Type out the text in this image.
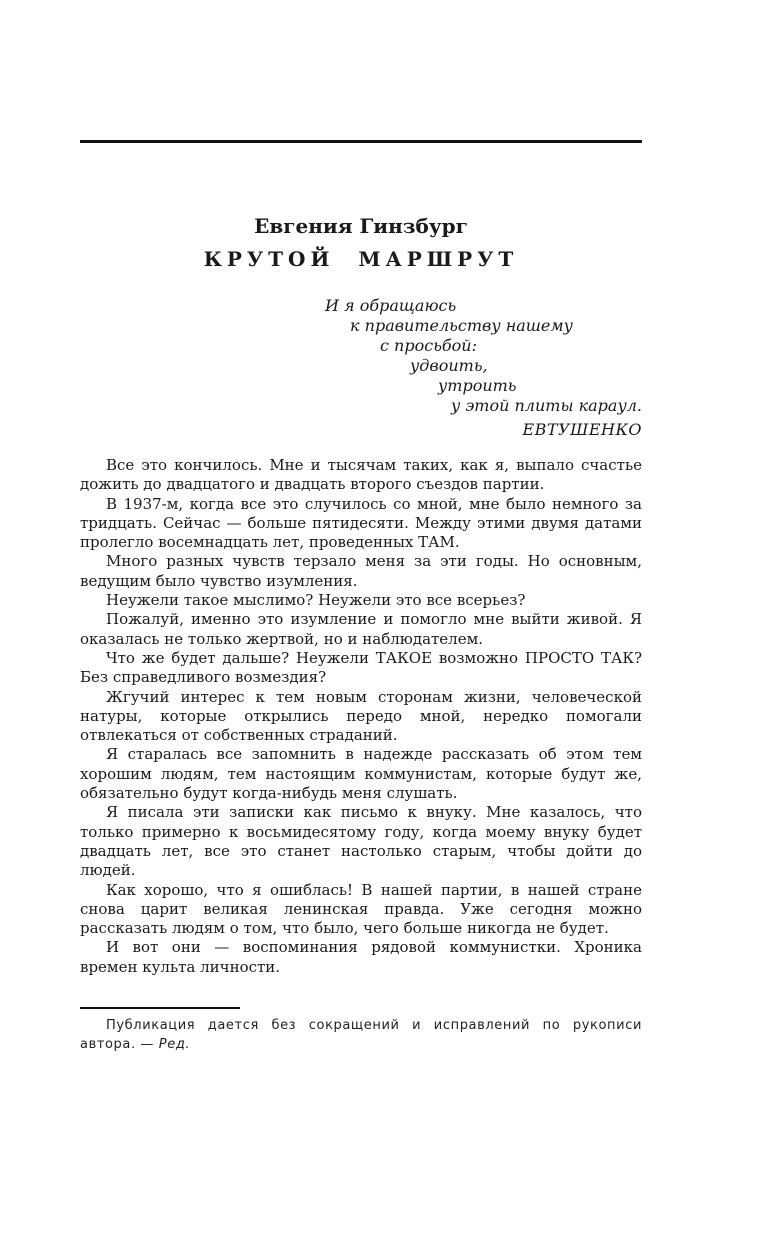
Евгения Гинзбург
КРУТОЙ МАРШРУТ
И я обращаюсь
к правительству нашему
с просьбой:
удвоить,
утроить
у этой плиты караул.
ЕВТУШЕНКО

Все это кончилось. Мне и тысячам таких, как я, выпало счастье дожить до двадцатого и двадцать второго съездов партии.

В 1937-м, когда все это случилось со мной, мне было немного за тридцать. Сейчас — больше пятидесяти. Между этими двумя датами пролегло восемнадцать лет, проведенных ТАМ.

Много разных чувств терзало меня за эти годы. Но основным, ведущим было чувство изумления.

Неужели такое мыслимо? Неужели это все всерьез?

Пожалуй, именно это изумление и помогло мне выйти живой. Я оказалась не только жертвой, но и наблюдателем.

Что же будет дальше? Неужели ТАКОЕ возможно ПРОСТО ТАК? Без справедливого возмездия?

Жгучий интерес к тем новым сторонам жизни, человеческой натуры, которые открылись передо мной, нередко помогали отвлекаться от собственных страданий.

Я старалась все запомнить в надежде рассказать об этом тем хорошим людям, тем настоящим коммунистам, которые будут же, обязательно будут когда-нибудь меня слушать.

Я писала эти записки как письмо к внуку. Мне казалось, что только примерно к восьмидесятому году, когда моему внуку будет двадцать лет, все это станет настолько старым, чтобы дойти до людей.

Как хорошо, что я ошиблась! В нашей партии, в нашей стране снова царит великая ленинская правда. Уже сегодня можно рассказать людям о том, что было, чего больше никогда не будет.

И вот они — воспоминания рядовой коммунистки. Хроника времен культа личности.

Публикация дается без сокращений и исправлений по рукописи автора. — Ред.
